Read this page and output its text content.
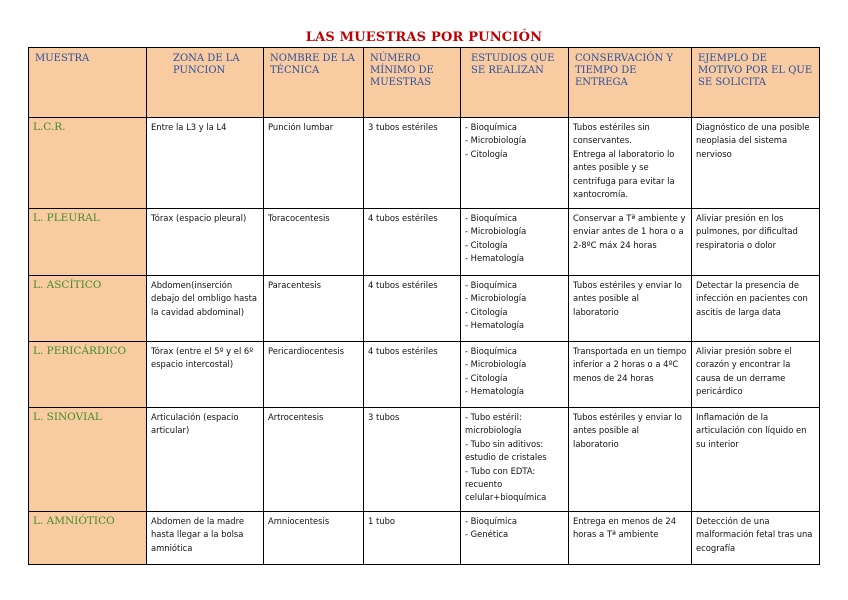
LAS MUESTRAS POR PUNCIÓN
MUESTRA	ZONA DE LA PUNCION	NOMBRE DE LA TÉCNICA	NÚMERO MÍNIMO DE MUESTRAS	ESTUDIOS QUE SE REALIZAN	CONSERVACIÓN Y TIEMPO DE ENTREGA	EJEMPLO DE MOTIVO POR EL QUE SE SOLICITA
L.C.R.	Entre la L3 y la L4	Punción lumbar	3 tubos estériles	- Bioquímica
- Microbiología
- Citología	Tubos estériles sin conservantes.
Entrega al laboratorio lo antes posible y se centrifuga para evitar la xantocromía.	Diagnóstico de una posible neoplasia del sistema nervioso
L. PLEURAL	Tórax (espacio pleural)	Toracocentesis	4 tubos estériles	- Bioquímica
- Microbiología
- Citología
- Hematología	Conservar a Tª ambiente y enviar antes de 1 hora o a 2-8ºC máx 24 horas	Aliviar presión en los pulmones, por dificultad respiratoria o dolor
L. ASCÍTICO	Abdomen(inserción debajo del ombligo hasta la cavidad abdominal)	Paracentesis	4 tubos estériles	- Bioquímica
- Microbiología
- Citología
- Hematología	Tubos estériles y enviar lo antes posible al laboratorio	Detectar la presencia de infección en pacientes con ascitis de larga data
L. PERICÁRDICO	Tórax (entre el 5º y el 6º espacio intercostal)	Pericardiocentesis	4 tubos estériles	- Bioquímica
- Microbiología
- Citología
- Hematología	Transportada en un tiempo inferior a 2 horas o a 4ºC menos de 24 horas	Aliviar presión sobre el corazón y encontrar la causa de un derrame pericárdico
L. SINOVIAL	Articulación (espacio articular)	Artrocentesis	3 tubos	- Tubo estéril: microbiología
- Tubo sin aditivos: estudio de cristales
- Tubo con EDTA: recuento celular+bioquímica	Tubos estériles y enviar lo antes posible al laboratorio	Inflamación de la articulación con líquido en su interior
L. AMNIÓTICO	Abdomen de la madre hasta llegar a la bolsa amniótica	Amniocentesis	1 tubo	- Bioquímica
- Genética	Entrega en menos de 24 horas a Tª ambiente	Detección de una malformación fetal tras una ecografía
